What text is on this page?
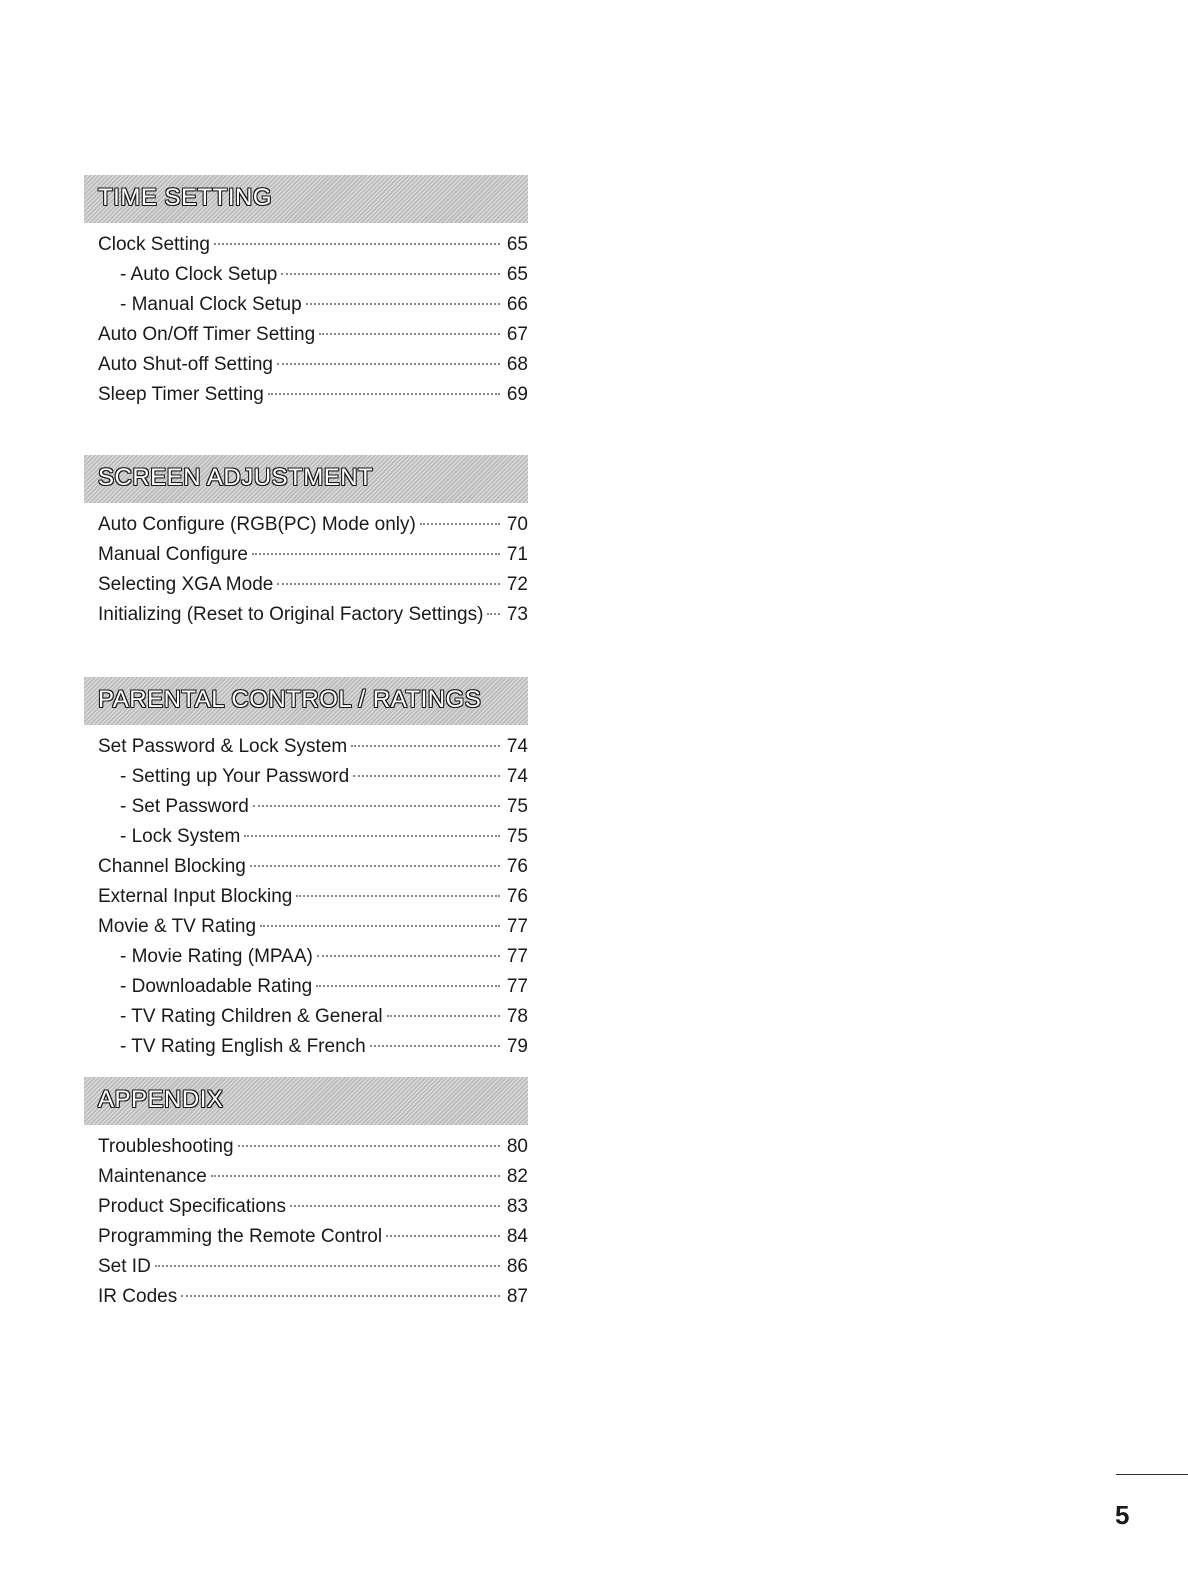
TIME SETTING
Clock Setting	65
- Auto Clock Setup	65
- Manual Clock Setup	66
Auto On/Off Timer Setting	67
Auto Shut-off Setting	68
Sleep Timer Setting	69
SCREEN ADJUSTMENT
Auto Configure (RGB(PC) Mode only)	70
Manual Configure	71
Selecting XGA Mode	72
Initializing (Reset to Original Factory Settings) 73
PARENTAL CONTROL / RATINGS
Set Password & Lock System	74
- Setting up Your Password	74
- Set Password	75
- Lock System	75
Channel Blocking	76
External Input Blocking	76
Movie & TV Rating	77
- Movie Rating (MPAA)	77
- Downloadable Rating	77
- TV Rating Children & General	78
- TV Rating English & French	79
APPENDIX
Troubleshooting	80
Maintenance	82
Product Specifications	83
Programming the Remote Control	84
Set ID	86
IR Codes	87
5
